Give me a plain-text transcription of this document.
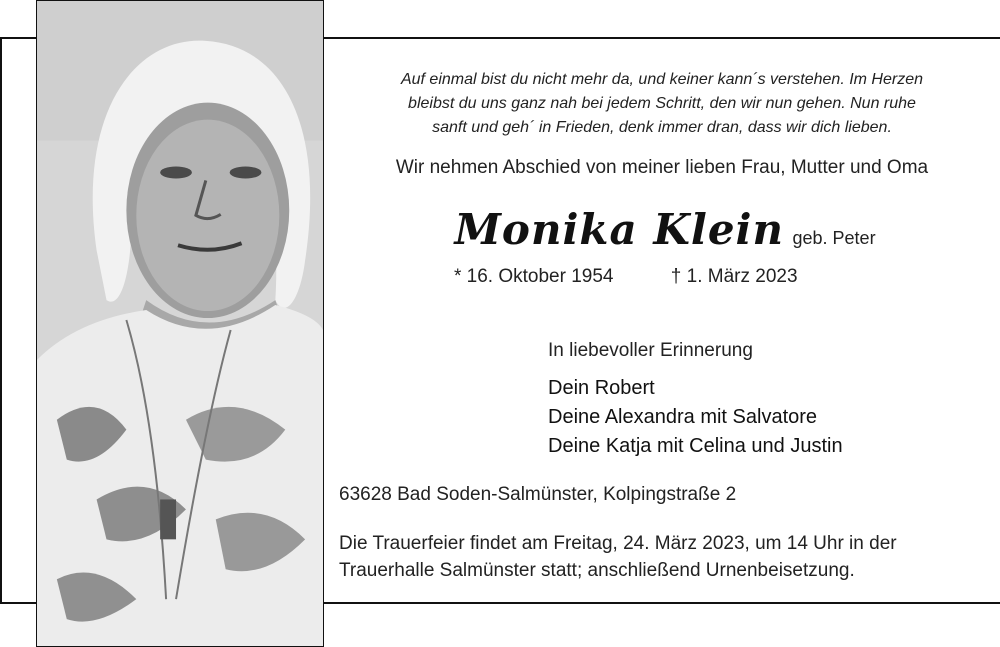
Auf einmal bist du nicht mehr da, und keiner kann´s verstehen. Im Herzen
bleibst du uns ganz nah bei jedem Schritt, den wir nun gehen. Nun ruhe
sanft und geh´ in Frieden, denk immer dran, dass wir dich lieben.
Wir nehmen Abschied von meiner lieben Frau, Mutter und Oma
Monika Klein geb. Peter
* 16. Oktober 1954	† 1. März 2023
In liebevoller Erinnerung
Dein Robert
Deine Alexandra mit Salvatore
Deine Katja mit Celina und Justin
63628 Bad Soden-Salmünster, Kolpingstraße 2
Die Trauerfeier findet am Freitag, 24. März 2023, um 14 Uhr in der
Trauerhalle Salmünster statt; anschließend Urnenbeisetzung.
